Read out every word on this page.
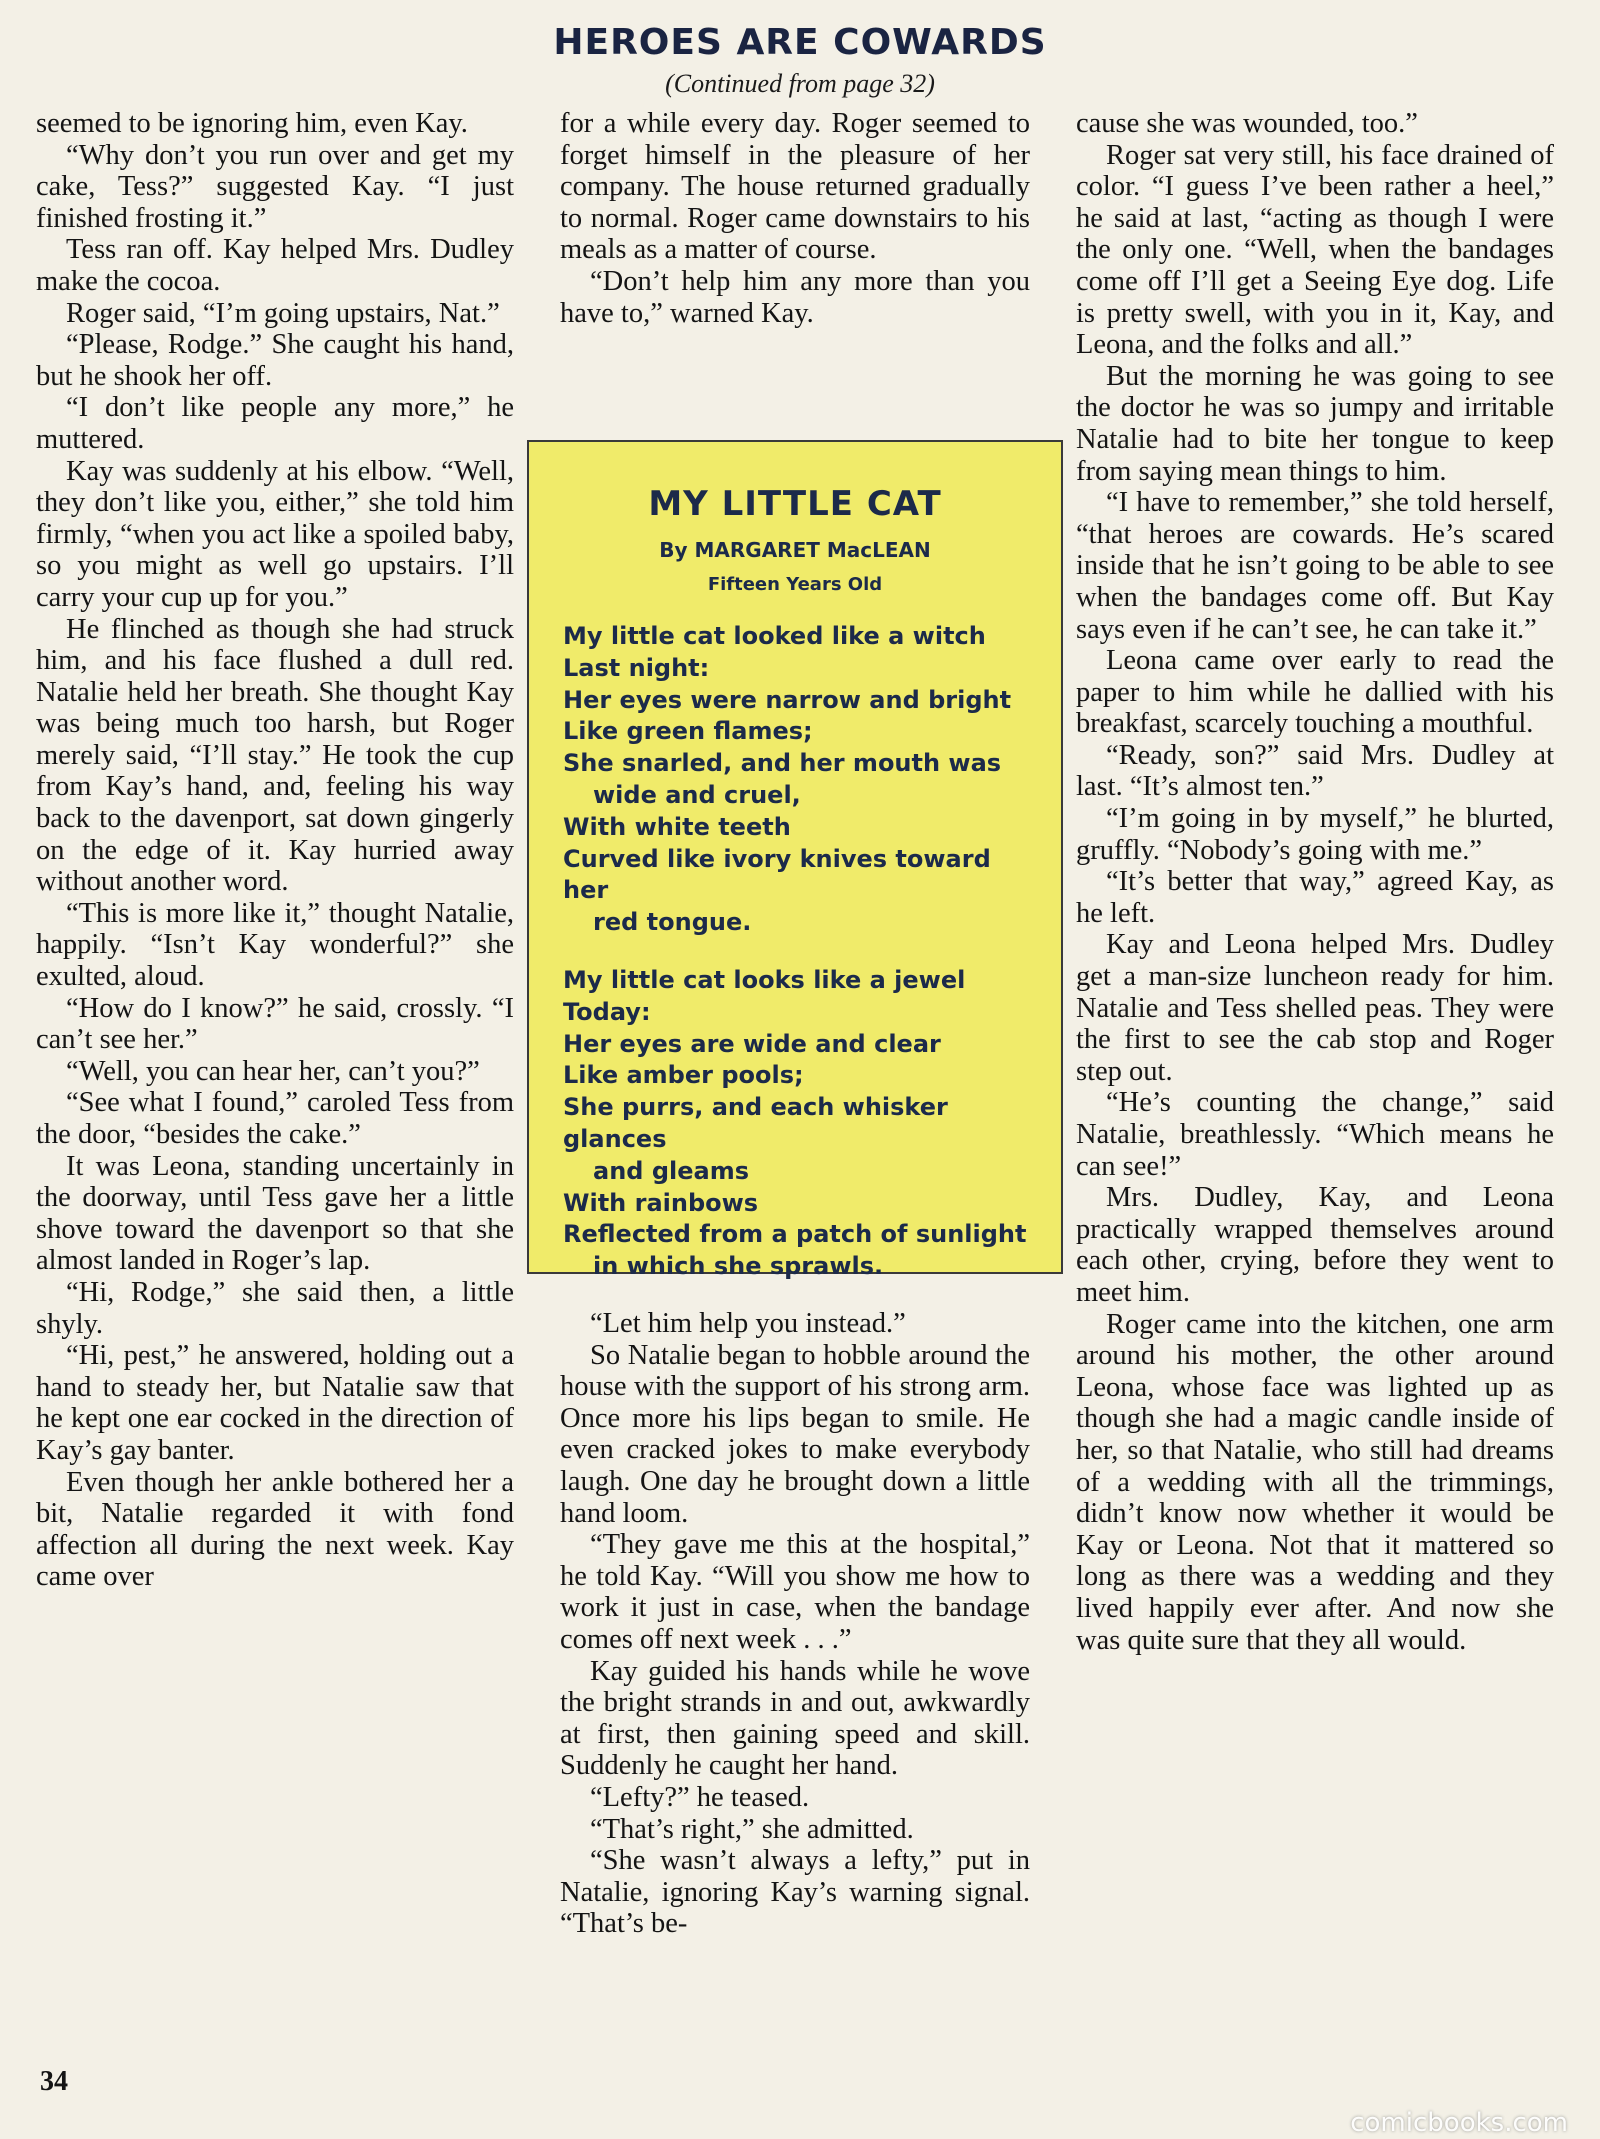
HEROES ARE COWARDS
(Continued from page 32)

seemed to be ignoring him, even Kay.

“Why don’t you run over and get my cake, Tess?” suggested Kay. “I just finished frosting it.”

Tess ran off. Kay helped Mrs. Dudley make the cocoa.

Roger said, “I’m going upstairs, Nat.”

“Please, Rodge.” She caught his hand, but he shook her off.

“I don’t like people any more,” he muttered.

Kay was suddenly at his elbow. “Well, they don’t like you, either,” she told him firmly, “when you act like a spoiled baby, so you might as well go upstairs. I’ll carry your cup up for you.”

He flinched as though she had struck him, and his face flushed a dull red. Natalie held her breath. She thought Kay was being much too harsh, but Roger merely said, “I’ll stay.” He took the cup from Kay’s hand, and, feeling his way back to the davenport, sat down gingerly on the edge of it. Kay hurried away without another word.

“This is more like it,” thought Natalie, happily. “Isn’t Kay wonderful?” she exulted, aloud.

“How do I know?” he said, crossly. “I can’t see her.”

“Well, you can hear her, can’t you?”

“See what I found,” caroled Tess from the door, “besides the cake.”

It was Leona, standing uncertainly in the doorway, until Tess gave her a little shove toward the davenport so that she almost landed in Roger’s lap.

“Hi, Rodge,” she said then, a little shyly.

“Hi, pest,” he answered, holding out a hand to steady her, but Natalie saw that he kept one ear cocked in the direction of Kay’s gay banter.

Even though her ankle bothered her a bit, Natalie regarded it with fond affection all during the next week. Kay came over

for a while every day. Roger seemed to forget himself in the pleasure of her company. The house returned gradually to normal. Roger came downstairs to his meals as a matter of course.

“Don’t help him any more than you have to,” warned Kay.

MY LITTLE CAT
By MARGARET MacLEAN
Fifteen Years Old
My little cat looked like a witch
Last night:
Her eyes were narrow and bright
Like green flames;
She snarled, and her mouth was
wide and cruel,
With white teeth
Curved like ivory knives toward her
red tongue.
My little cat looks like a jewel
Today:
Her eyes are wide and clear
Like amber pools;
She purrs, and each whisker glances
and gleams
With rainbows
Reflected from a patch of sunlight
in which she sprawls.

“Let him help you instead.”

So Natalie began to hobble around the house with the support of his strong arm. Once more his lips began to smile. He even cracked jokes to make everybody laugh. One day he brought down a little hand loom.

“They gave me this at the hospital,” he told Kay. “Will you show me how to work it just in case, when the bandage comes off next week . . .”

Kay guided his hands while he wove the bright strands in and out, awkwardly at first, then gaining speed and skill. Suddenly he caught her hand.

“Lefty?” he teased.

“That’s right,” she admitted.

“She wasn’t always a lefty,” put in Natalie, ignoring Kay’s warning signal. “That’s be-

cause she was wounded, too.”

Roger sat very still, his face drained of color. “I guess I’ve been rather a heel,” he said at last, “acting as though I were the only one. “Well, when the bandages come off I’ll get a Seeing Eye dog. Life is pretty swell, with you in it, Kay, and Leona, and the folks and all.”

But the morning he was going to see the doctor he was so jumpy and irritable Natalie had to bite her tongue to keep from saying mean things to him.

“I have to remember,” she told herself, “that heroes are cowards. He’s scared inside that he isn’t going to be able to see when the bandages come off. But Kay says even if he can’t see, he can take it.”

Leona came over early to read the paper to him while he dallied with his breakfast, scarcely touching a mouthful.

“Ready, son?” said Mrs. Dudley at last. “It’s almost ten.”

“I’m going in by myself,” he blurted, gruffly. “Nobody’s going with me.”

“It’s better that way,” agreed Kay, as he left.

Kay and Leona helped Mrs. Dudley get a man-size luncheon ready for him. Natalie and Tess shelled peas. They were the first to see the cab stop and Roger step out.

“He’s counting the change,” said Natalie, breathlessly. “Which means he can see!”

Mrs. Dudley, Kay, and Leona practically wrapped themselves around each other, crying, before they went to meet him.

Roger came into the kitchen, one arm around his mother, the other around Leona, whose face was lighted up as though she had a magic candle inside of her, so that Natalie, who still had dreams of a wedding with all the trimmings, didn’t know now whether it would be Kay or Leona. Not that it mattered so long as there was a wedding and they lived happily ever after. And now she was quite sure that they all would.

34
comicbooks.com
